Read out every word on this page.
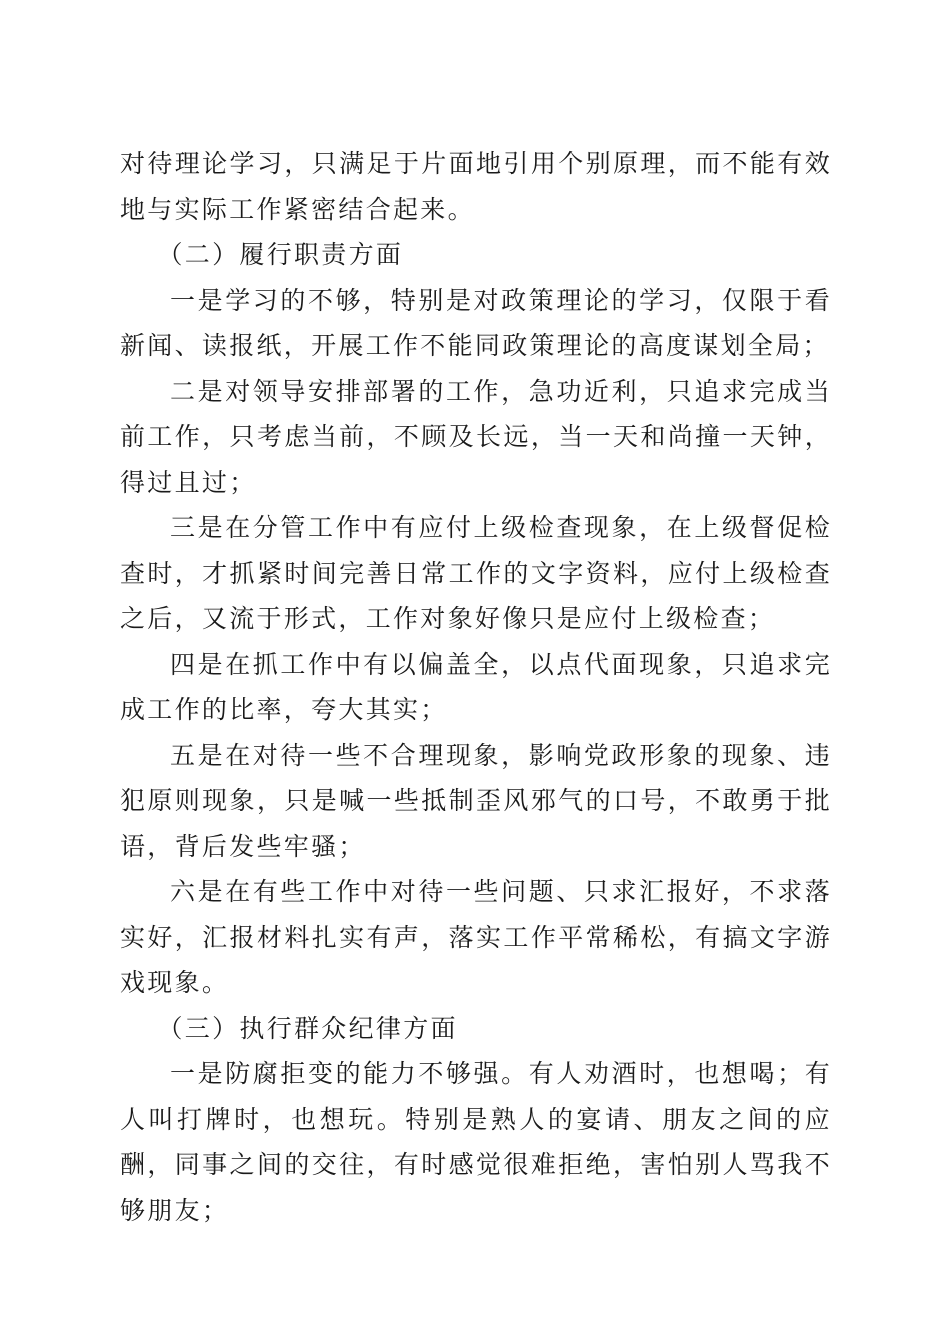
对待理论学习，只满足于片面地引用个别原理，而不能有效地与实际工作紧密结合起来。

（二）履行职责方面

一是学习的不够，特别是对政策理论的学习，仅限于看新闻、读报纸，开展工作不能同政策理论的高度谋划全局；

二是对领导安排部署的工作，急功近利，只追求完成当前工作，只考虑当前，不顾及长远，当一天和尚撞一天钟，得过且过；

三是在分管工作中有应付上级检查现象，在上级督促检查时，才抓紧时间完善日常工作的文字资料，应付上级检查之后，又流于形式，工作对象好像只是应付上级检查；

四是在抓工作中有以偏盖全，以点代面现象，只追求完成工作的比率，夸大其实；

五是在对待一些不合理现象，影响党政形象的现象、违犯原则现象，只是喊一些抵制歪风邪气的口号，不敢勇于批语，背后发些牢骚；

六是在有些工作中对待一些问题、只求汇报好，不求落实好，汇报材料扎实有声，落实工作平常稀松，有搞文字游戏现象。

（三）执行群众纪律方面

一是防腐拒变的能力不够强。有人劝酒时，也想喝；有人叫打牌时，也想玩。特别是熟人的宴请、朋友之间的应酬，同事之间的交往，有时感觉很难拒绝，害怕别人骂我不够朋友；
